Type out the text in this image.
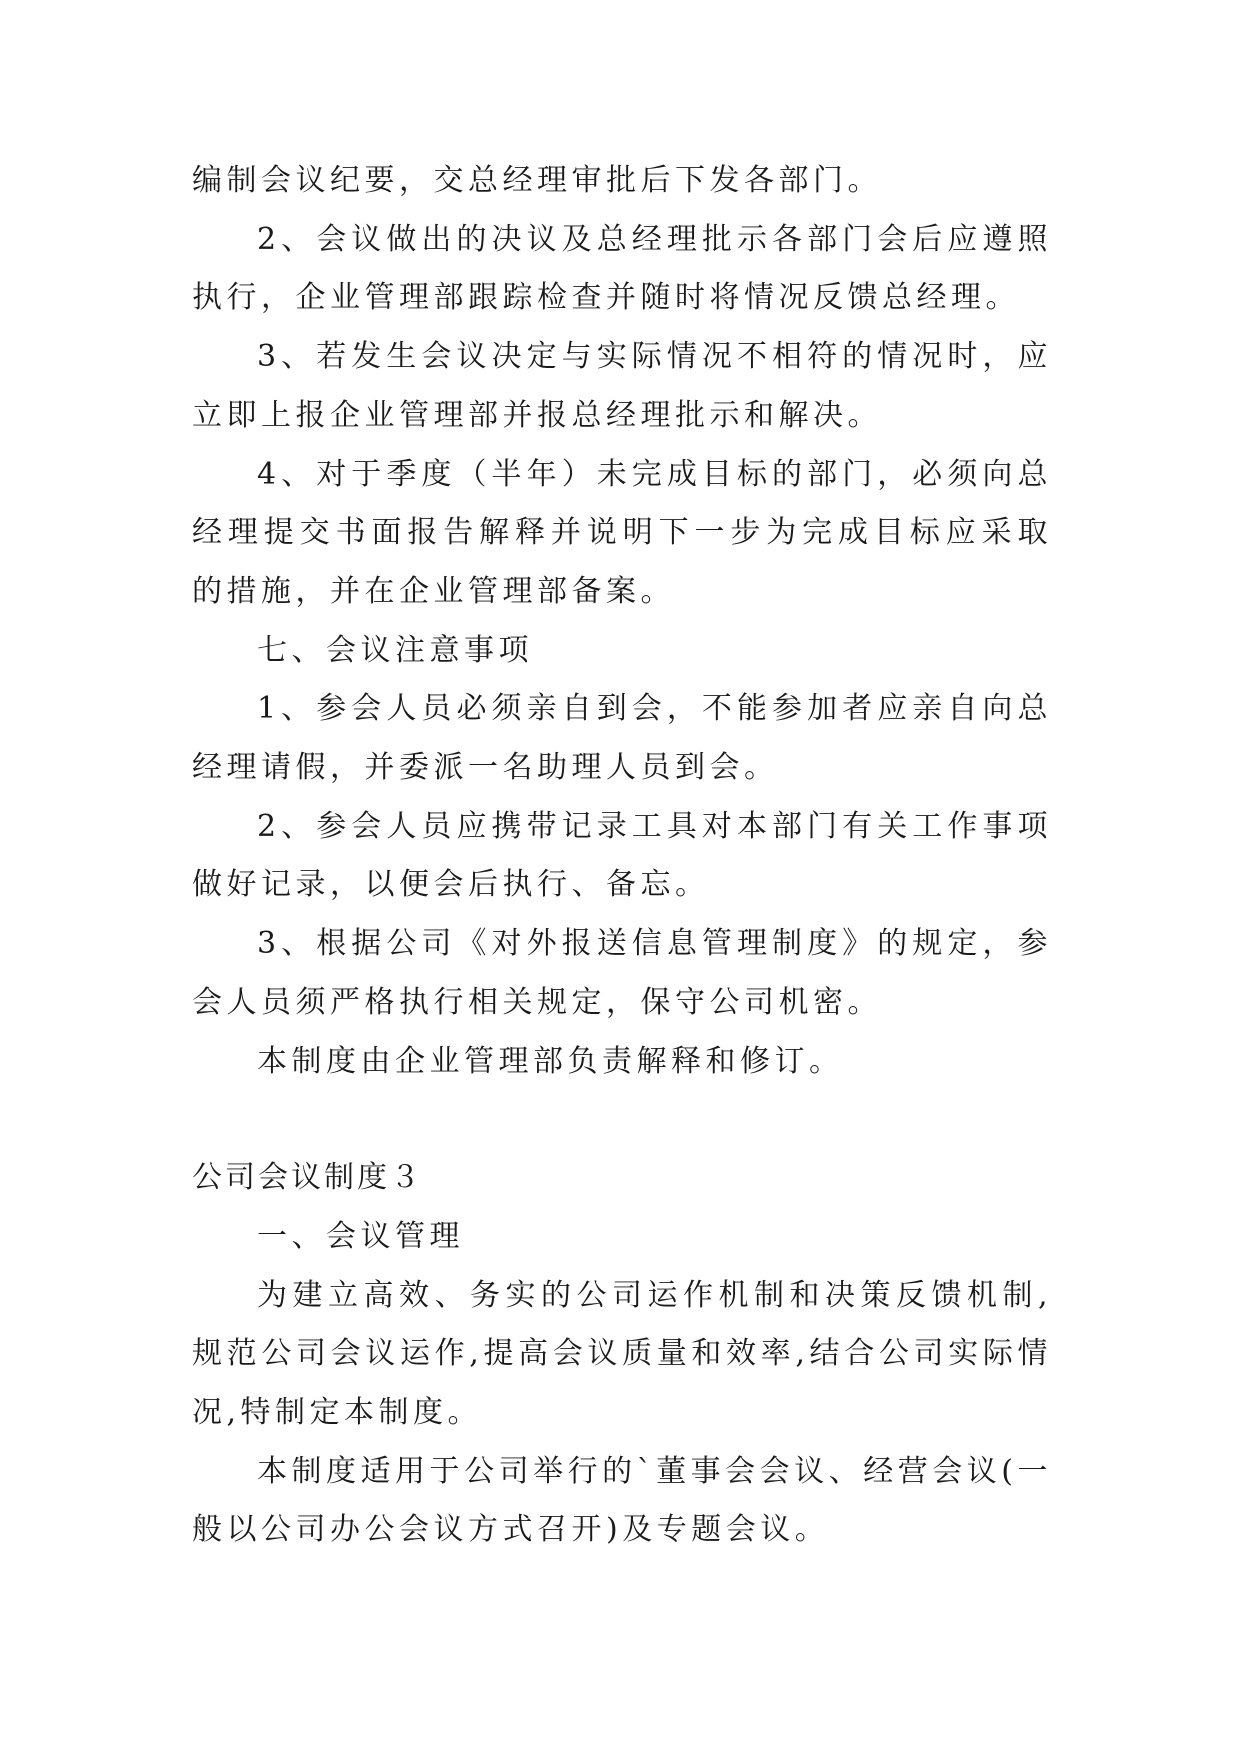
编制会议纪要，交总经理审批后下发各部门。

2、会议做出的决议及总经理批示各部门会后应遵照执行，企业管理部跟踪检查并随时将情况反馈总经理。

3、若发生会议决定与实际情况不相符的情况时，应立即上报企业管理部并报总经理批示和解决。

4、对于季度（半年）未完成目标的部门，必须向总经理提交书面报告解释并说明下一步为完成目标应采取的措施，并在企业管理部备案。

七、会议注意事项

1、参会人员必须亲自到会，不能参加者应亲自向总经理请假，并委派一名助理人员到会。

2、参会人员应携带记录工具对本部门有关工作事项做好记录，以便会后执行、备忘。

3、根据公司《对外报送信息管理制度》的规定，参会人员须严格执行相关规定，保守公司机密。

本制度由企业管理部负责解释和修订。

公司会议制度３

一、会议管理

为建立高效、务实的公司运作机制和决策反馈机制,规范公司会议运作,提高会议质量和效率,结合公司实际情况,特制定本制度。

本制度适用于公司举行的`董事会会议、经营会议(一般以公司办公会议方式召开)及专题会议。
